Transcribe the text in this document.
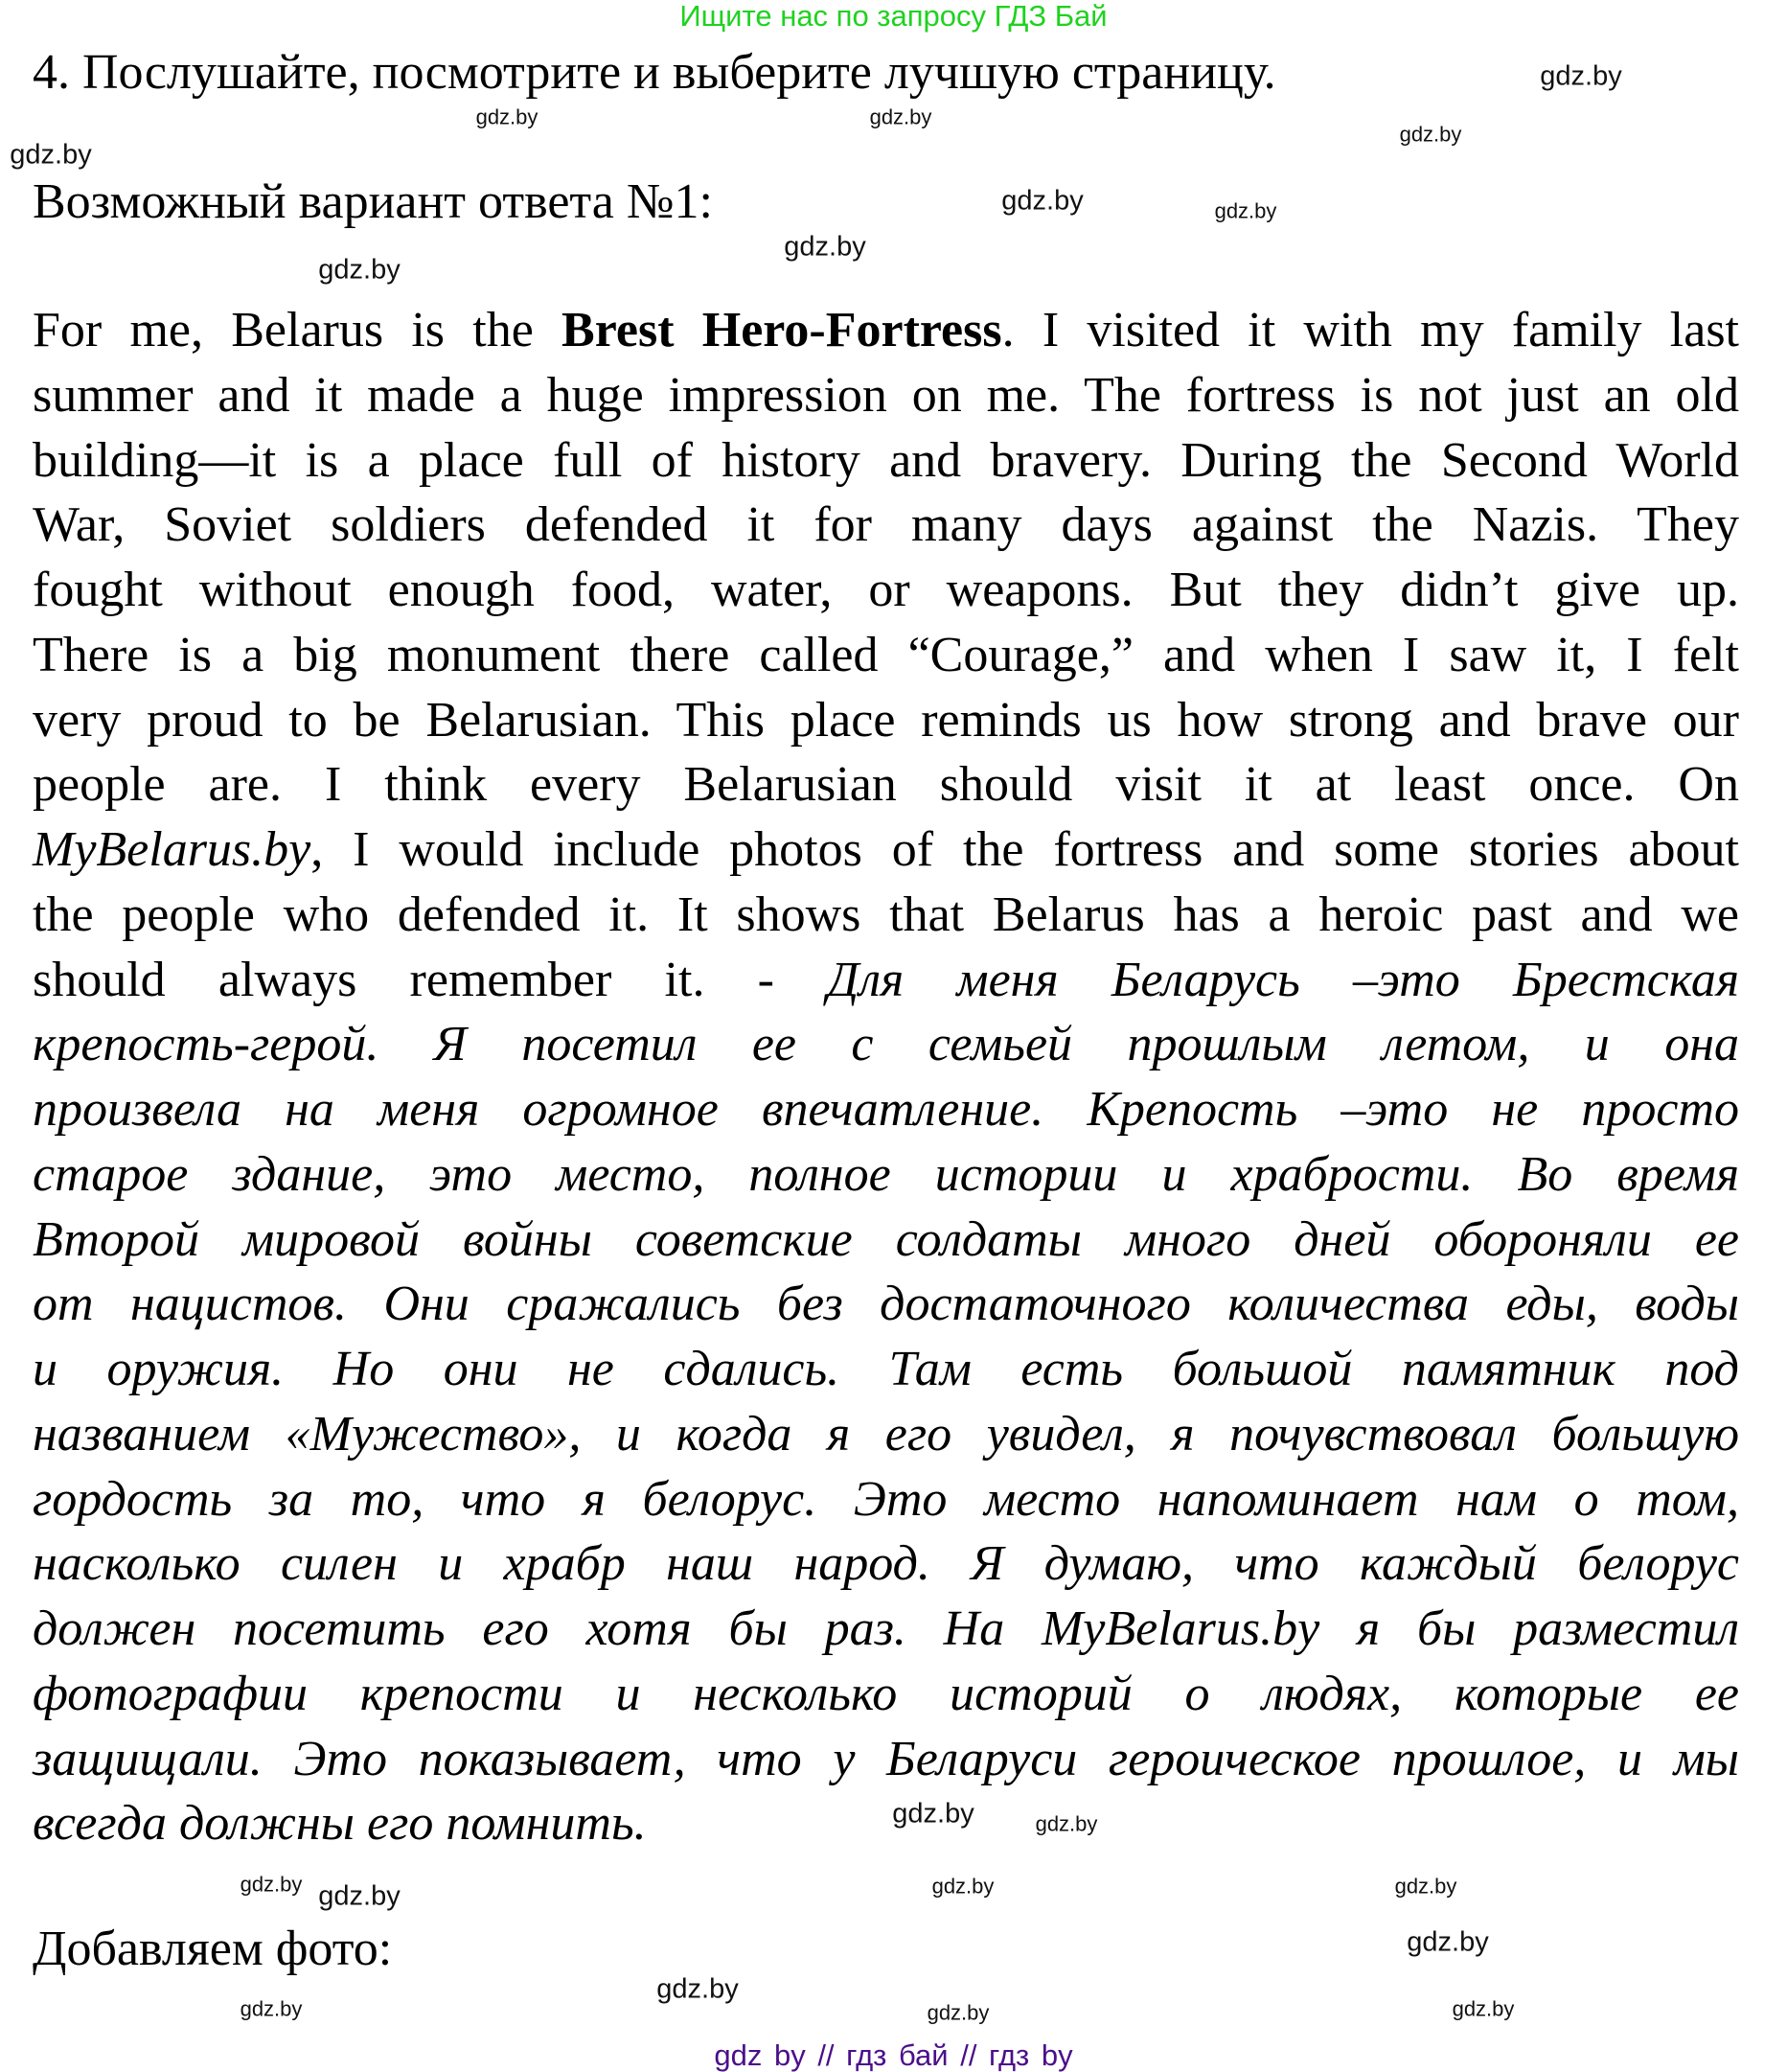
Ищите нас по запросу ГДЗ Бай
4. Послушайте, посмотрите и выберите лучшую страницу.
Возможный вариант ответа №1:
For me, Belarus is the Brest Hero-Fortress. I visited it with my family last
summer and it made a huge impression on me. The fortress is not just an old
building—it is a place full of history and bravery. During the Second World
War, Soviet soldiers defended it for many days against the Nazis. They
fought without enough food, water, or weapons. But they didn’t give up.
There is a big monument there called “Courage,” and when I saw it, I felt
very proud to be Belarusian. This place reminds us how strong and brave our
people are. I think every Belarusian should visit it at least once. On
MyBelarus.by, I would include photos of the fortress and some stories about
the people who defended it. It shows that Belarus has a heroic past and we
should always remember it. - Для меня Беларусь –это Брестская
крепость-герой. Я посетил ее с семьей прошлым летом, и она
произвела на меня огромное впечатление. Крепость –это не просто
старое здание, это место, полное истории и храбрости. Во время
Второй мировой войны советские солдаты много дней обороняли ее
от нацистов. Они сражались без достаточного количества еды, воды
и оружия. Но они не сдались. Там есть большой памятник под
названием «Мужество», и когда я его увидел, я почувствовал большую
гордость за то, что я белорус. Это место напоминает нам о том,
насколько силен и храбр наш народ. Я думаю, что каждый белорус
должен посетить его хотя бы раз. На MyBelarus.by я бы разместил
фотографии крепости и несколько историй о людях, которые ее
защищали. Это показывает, что у Беларуси героическое прошлое, и мы
всегда должны его помнить.
Добавляем фото:
gdz.by
gdz.by
gdz.by
gdz.by
gdz.by
gdz.by	gdz.by
gdz.by
gdz.by
gdz.by	gdz.by
gdz.by
gdz.by
gdz.by	gdz.by
gdz.by
gdz.by
gdz.by
gdz.by
gdz.by
gdz by // гдз бай // гдз by
